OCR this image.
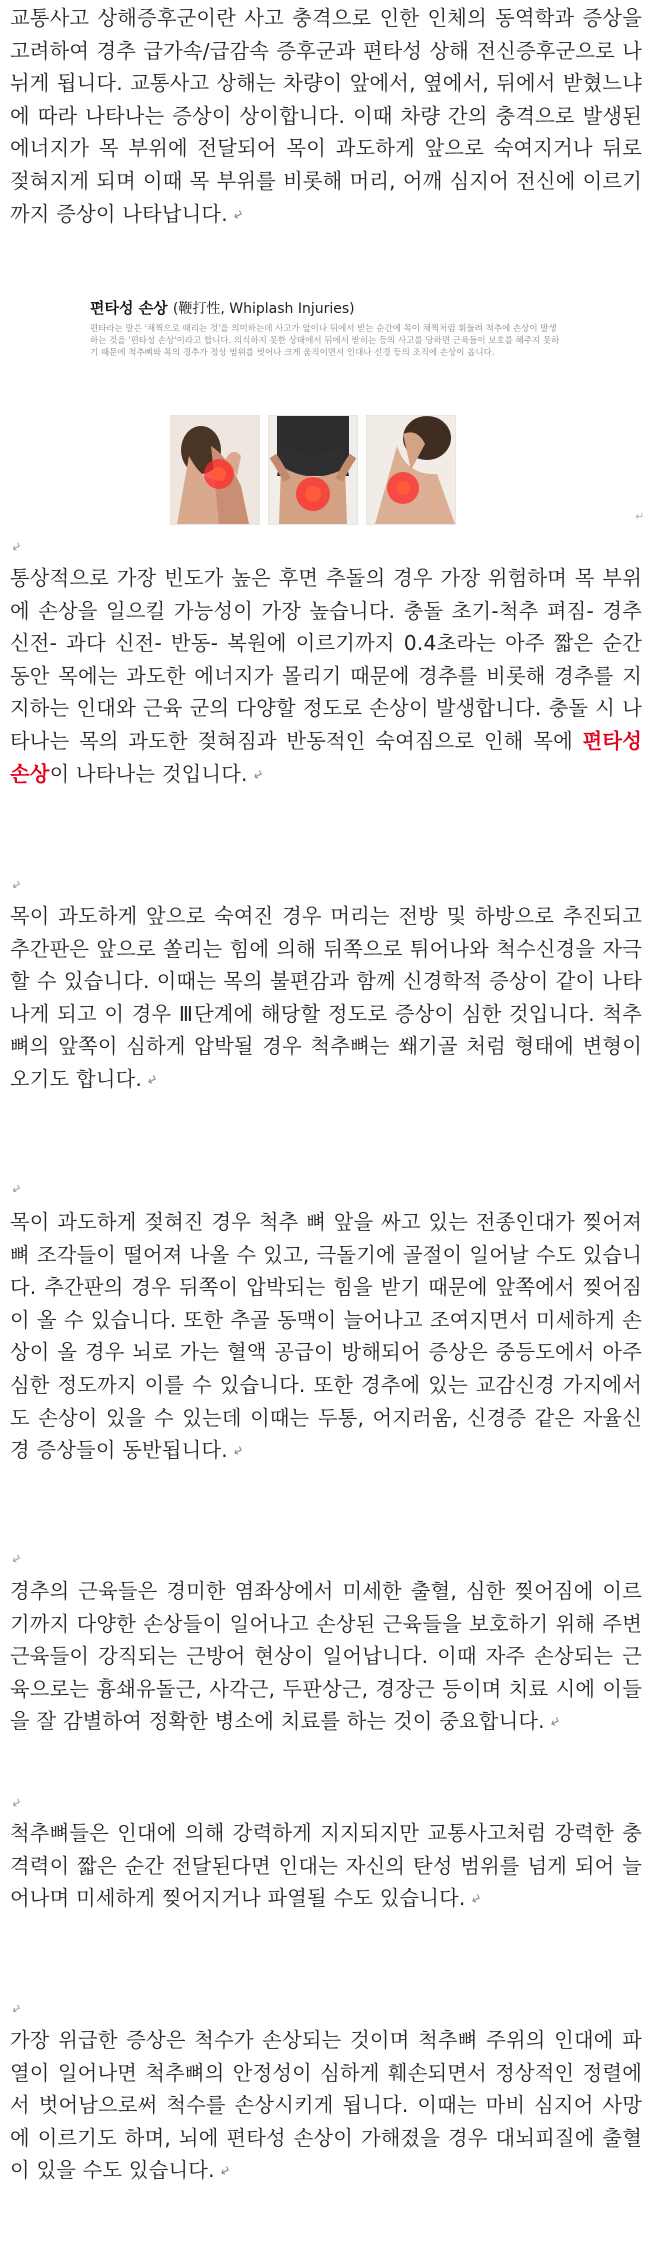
교통사고 상해증후군이란 사고 충격으로 인한 인체의 동역학과 증상을 고려하여 경추 급가속/급감속 증후군과 편타성 상해 전신증후군으로 나뉘게 됩니다. 교통사고 상해는 차량이 앞에서, 옆에서, 뒤에서 받혔느냐에 따라 나타나는 증상이 상이합니다. 이때 차량 간의 충격으로 발생된 에너지가 목 부위에 전달되어 목이 과도하게 앞으로 숙여지거나 뒤로 젖혀지게 되며 이때 목 부위를 비롯해 머리, 어깨 심지어 전신에 이르기까지 증상이 나타납니다. ↵

편타성 손상 (鞭打性, Whiplash Injuries)
편타라는 말은 '채찍으로 때리는 것'을 의미하는데 사고가 앞이나 뒤에서 받는 순간에 목이 채찍처럼 휘둘려 척추에 손상이 발생하는 것을 '편타성 손상'이라고 합니다. 의식하지 못한 상태에서 뒤에서 받히는 등의 사고를 당하면 근육들이 보호를 해주지 못하기 때문에 척추뼈와 목의 경추가 정상 범위를 벗어나 크게 움직이면서 인대나 신경 등의 조직에 손상이 옵니다.
↵
↵

통상적으로 가장 빈도가 높은 후면 추돌의 경우 가장 위험하며 목 부위에 손상을 일으킬 가능성이 가장 높습니다. 충돌 초기-척추 펴짐- 경추 신전- 과다 신전- 반동- 복원에 이르기까지 0.4초라는 아주 짧은 순간 동안 목에는 과도한 에너지가 몰리기 때문에 경추를 비롯해 경추를 지지하는 인대와 근육 군의 다양할 정도로 손상이 발생합니다. 충돌 시 나타나는 목의 과도한 젖혀짐과 반동적인 숙여짐으로 인해 목에 편타성 손상이 나타나는 것입니다. ↵

↵

목이 과도하게 앞으로 숙여진 경우 머리는 전방 및 하방으로 추진되고 추간판은 앞으로 쏠리는 힘에 의해 뒤쪽으로 튀어나와 척수신경을 자극할 수 있습니다. 이때는 목의 불편감과 함께 신경학적 증상이 같이 나타나게 되고 이 경우 Ⅲ단계에 해당할 정도로 증상이 심한 것입니다. 척추 뼈의 앞쪽이 심하게 압박될 경우 척추뼈는 쐐기골 처럼 형태에 변형이 오기도 합니다. ↵

↵

목이 과도하게 젖혀진 경우 척추 뼈 앞을 싸고 있는 전종인대가 찢어져 뼈 조각들이 떨어져 나올 수 있고, 극돌기에 골절이 일어날 수도 있습니다. 추간판의 경우 뒤쪽이 압박되는 힘을 받기 때문에 앞쪽에서 찢어짐이 올 수 있습니다. 또한 추골 동맥이 늘어나고 조여지면서 미세하게 손상이 올 경우 뇌로 가는 혈액 공급이 방해되어 증상은 중등도에서 아주 심한 정도까지 이를 수 있습니다. 또한 경추에 있는 교감신경 가지에서도 손상이 있을 수 있는데 이때는 두통, 어지러움, 신경증 같은 자율신경 증상들이 동반됩니다. ↵

↵

경추의 근육들은 경미한 염좌상에서 미세한 출혈, 심한 찢어짐에 이르기까지 다양한 손상들이 일어나고 손상된 근육들을 보호하기 위해 주변 근육들이 강직되는 근방어 현상이 일어납니다. 이때 자주 손상되는 근육으로는 흉쇄유돌근, 사각근, 두판상근, 경장근 등이며 치료 시에 이들을 잘 감별하여 정확한 병소에 치료를 하는 것이 중요합니다. ↵

↵

척추뼈들은 인대에 의해 강력하게 지지되지만 교통사고처럼 강력한 충격력이 짧은 순간 전달된다면 인대는 자신의 탄성 범위를 넘게 되어 늘어나며 미세하게 찢어지거나 파열될 수도 있습니다. ↵

↵

가장 위급한 증상은 척수가 손상되는 것이며 척추뼈 주위의 인대에 파열이 일어나면 척추뼈의 안정성이 심하게 훼손되면서 정상적인 정렬에서 벗어남으로써 척수를 손상시키게 됩니다. 이때는 마비 심지어 사망에 이르기도 하며, 뇌에 편타성 손상이 가해졌을 경우 대뇌피질에 출혈이 있을 수도 있습니다. ↵
